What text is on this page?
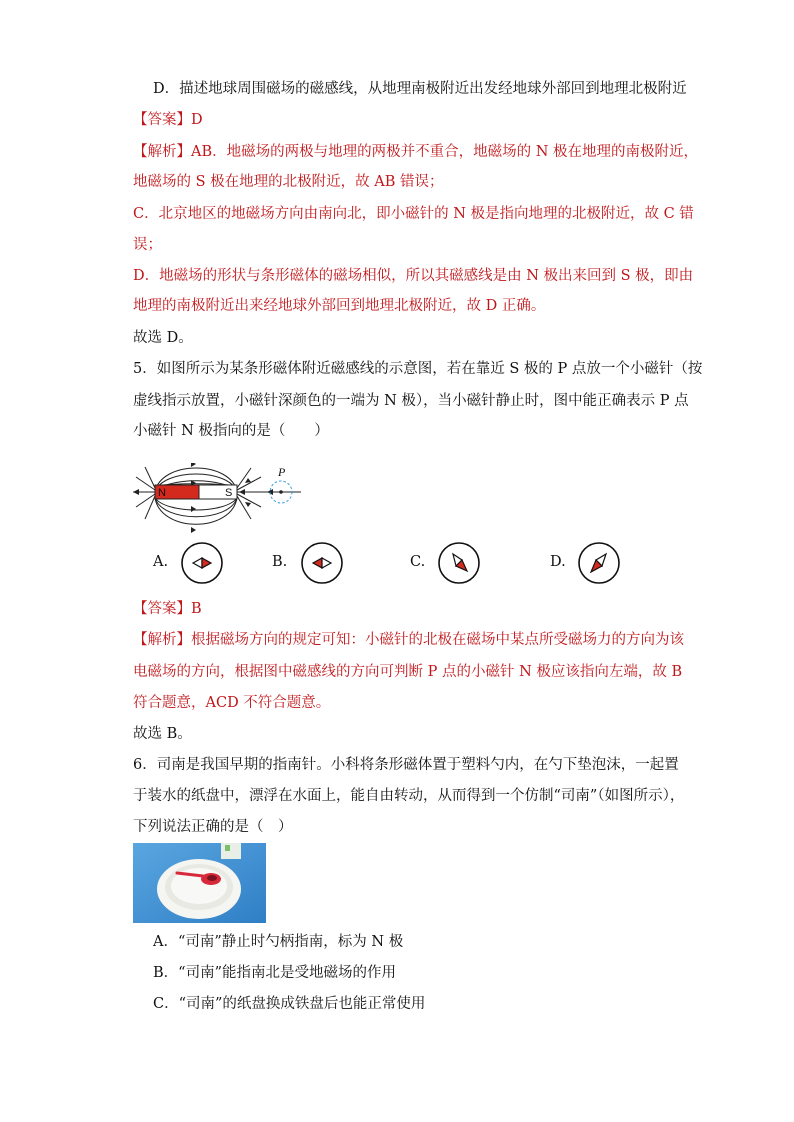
D．描述地球周围磁场的磁感线，从地理南极附近出发经地球外部回到地理北极附近
【答案】D
【解析】AB．地磁场的两极与地理的两极并不重合，地磁场的 N 极在地理的南极附近，
地磁场的 S 极在地理的北极附近，故 AB 错误；
C．北京地区的地磁场方向由南向北，即小磁针的 N 极是指向地理的北极附近，故 C 错
误；
D．地磁场的形状与条形磁体的磁场相似，所以其磁感线是由 N 极出来回到 S 极，即由
地理的南极附近出来经地球外部回到地理北极附近，故 D 正确。
故选 D。
5．如图所示为某条形磁体附近磁感线的示意图，若在靠近 S 极的 P 点放一个小磁针（按
虚线指示放置，小磁针深颜色的一端为 N 极），当小磁针静止时，图中能正确表示 P 点
小磁针 N 极指向的是（　　）
N	S
P
A.	B.	C.	D.
【答案】B
【解析】根据磁场方向的规定可知：小磁针的北极在磁场中某点所受磁场力的方向为该
电磁场的方向，根据图中磁感线的方向可判断 P 点的小磁针 N 极应该指向左端，故 B
符合题意，ACD 不符合题意。
故选 B。
6．司南是我国早期的指南针。小科将条形磁体置于塑料勺内，在勺下垫泡沫，一起置
于装水的纸盘中，漂浮在水面上，能自由转动，从而得到一个仿制“司南”（如图所示），
下列说法正确的是（　）
A．“司南”静止时勺柄指南，标为 N 极
B．“司南”能指南北是受地磁场的作用
C．“司南”的纸盘换成铁盘后也能正常使用
